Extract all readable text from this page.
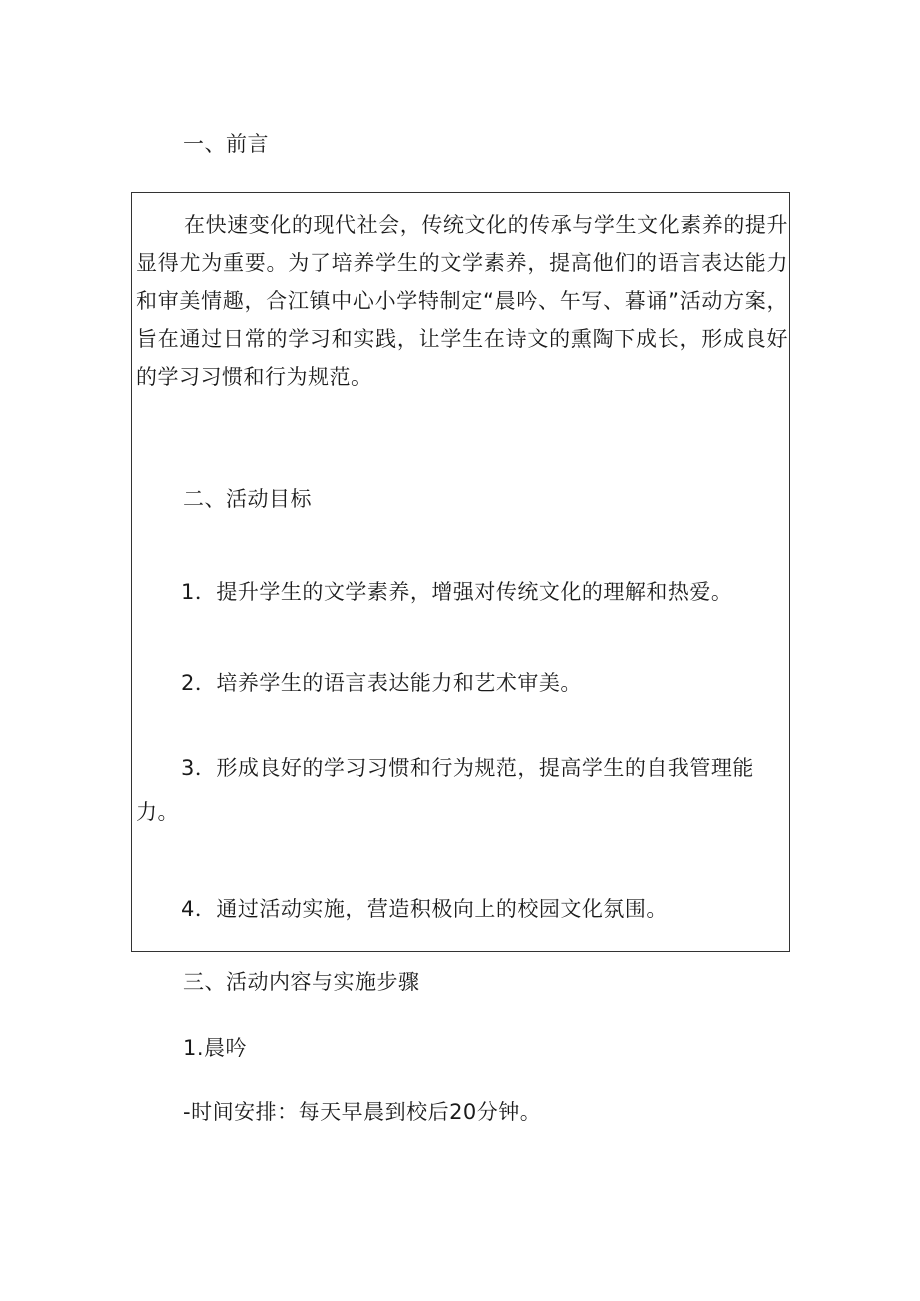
一、前言

在快速变化的现代社会，传统文化的传承与学生文化素养的提升显得尤为重要。为了培养学生的文学素养，提高他们的语言表达能力和审美情趣，合江镇中心小学特制定“晨吟、午写、暮诵”活动方案，旨在通过日常的学习和实践，让学生在诗文的熏陶下成长，形成良好的学习习惯和行为规范。

二、活动目标

1．提升学生的文学素养，增强对传统文化的理解和热爱。

2．培养学生的语言表达能力和艺术审美。

3．形成良好的学习习惯和行为规范，提高学生的自我管理能力。

4．通过活动实施，营造积极向上的校园文化氛围。

三、活动内容与实施步骤
1.晨吟
-时间安排：每天早晨到校后20分钟。
